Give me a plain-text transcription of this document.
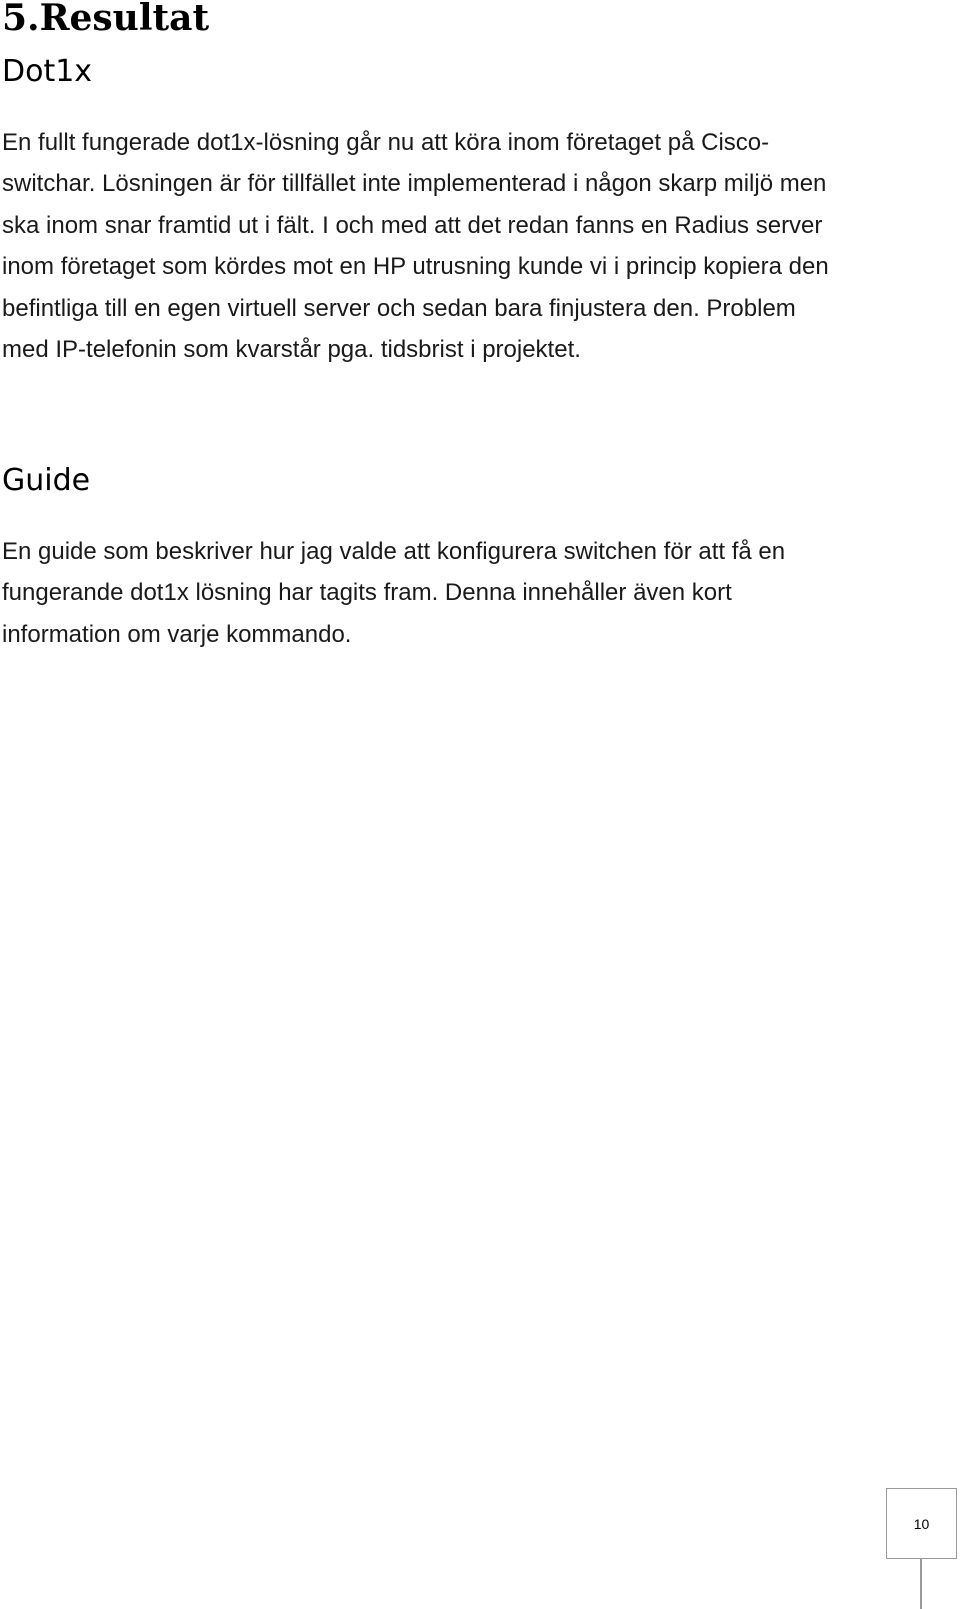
5.Resultat
Dot1x
En fullt fungerade dot1x-lösning går nu att köra inom företaget på Cisco-
switchar. Lösningen är för tillfället inte implementerad i någon skarp miljö men
ska inom snar framtid ut i fält. I och med att det redan fanns en Radius server
inom företaget som kördes mot en HP utrusning kunde vi i princip kopiera den
befintliga till en egen virtuell server och sedan bara finjustera den. Problem
med IP-telefonin som kvarstår pga. tidsbrist i projektet.
Guide
En guide som beskriver hur jag valde att konfigurera switchen för att få en
fungerande dot1x lösning har tagits fram. Denna innehåller även kort
information om varje kommando.
10
